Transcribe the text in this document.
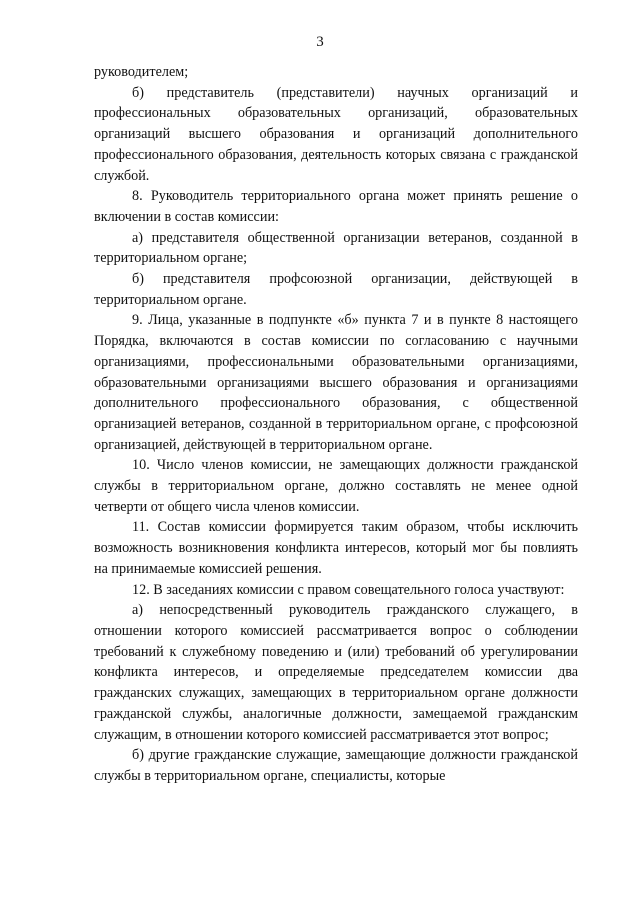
3

руководителем;

б) представитель (представители) научных организаций и профессиональных образовательных организаций, образовательных организаций высшего образования и организаций дополнительного профессионального образования, деятельность которых связана с гражданской службой.

8. Руководитель территориального органа может принять решение о включении в состав комиссии:

а) представителя общественной организации ветеранов, созданной в территориальном органе;

б) представителя профсоюзной организации, действующей в территориальном органе.

9. Лица, указанные в подпункте «б» пункта 7 и в пункте 8 настоящего Порядка, включаются в состав комиссии по согласованию с научными организациями, профессиональными образовательными организациями, образовательными организациями высшего образования и организациями дополнительного профессионального образования, с общественной организацией ветеранов, созданной в территориальном органе, с профсоюзной организацией, действующей в территориальном органе.

10. Число членов комиссии, не замещающих должности гражданской службы в территориальном органе, должно составлять не менее одной четверти от общего числа членов комиссии.

11. Состав комиссии формируется таким образом, чтобы исключить возможность возникновения конфликта интересов, который мог бы повлиять на принимаемые комиссией решения.

12. В заседаниях комиссии с правом совещательного голоса участвуют:

а) непосредственный руководитель гражданского служащего, в отношении которого комиссией рассматривается вопрос о соблюдении требований к служебному поведению и (или) требований об урегулировании конфликта интересов, и определяемые председателем комиссии два гражданских служащих, замещающих в территориальном органе должности гражданской службы, аналогичные должности, замещаемой гражданским служащим, в отношении которого комиссией рассматривается этот вопрос;

б) другие гражданские служащие, замещающие должности гражданской службы в территориальном органе, специалисты, которые
